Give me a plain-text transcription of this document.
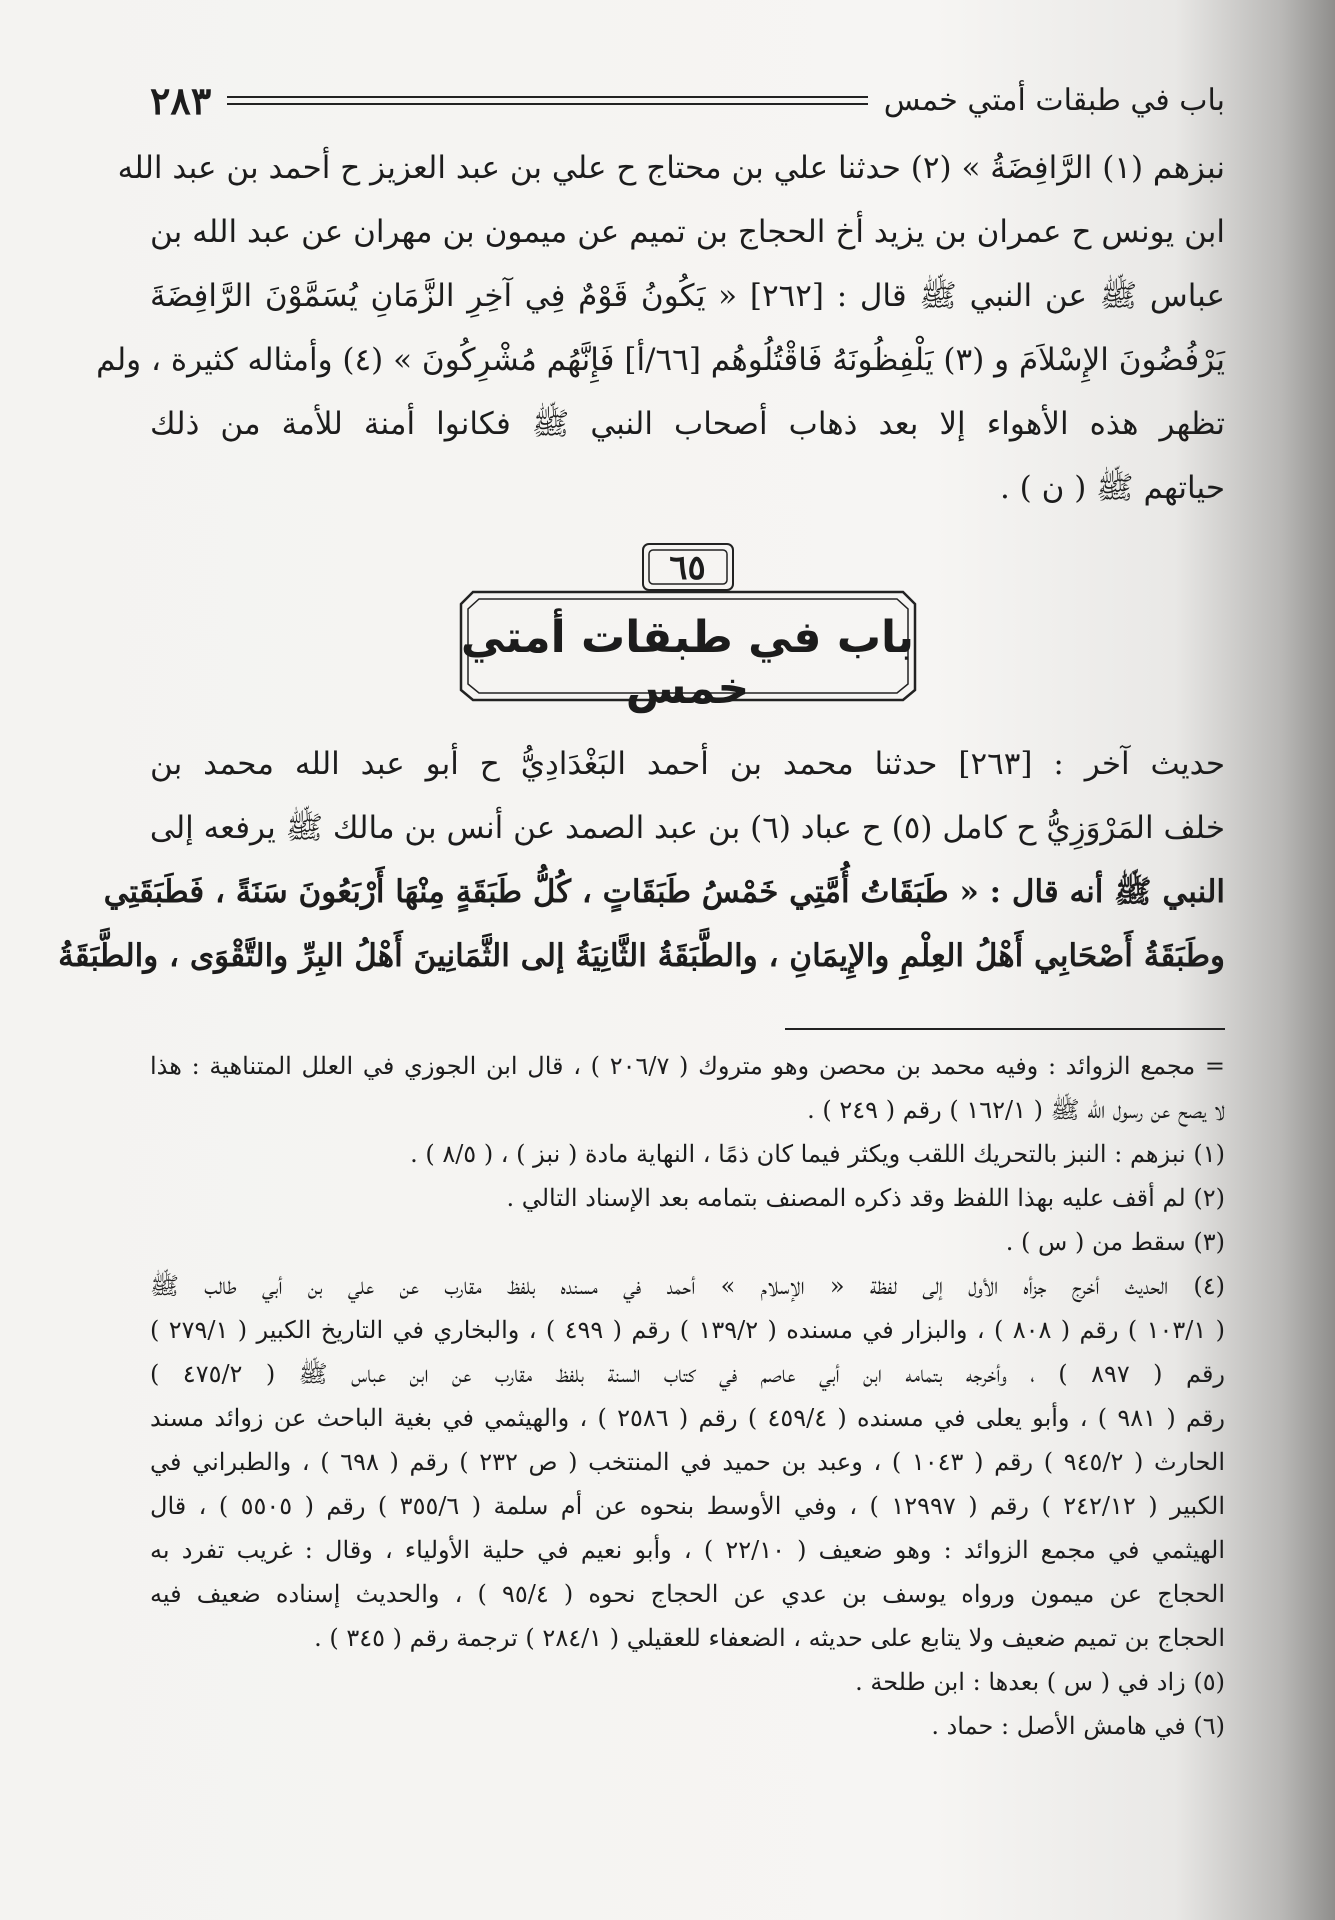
باب في طبقات أمتي خمس
٢٨٣
نبزهم (١) الرَّافِضَةُ » (٢) حدثنا علي بن محتاج ح علي بن عبد العزيز ح أحمد بن عبد الله
ابن يونس ح عمران بن يزيد أخ الحجاج بن تميم عن ميمون بن مهران عن عبد الله بن
عباس ﷺ عن النبي ﷺ قال : [٢٦٢] « يَكُونُ قَوْمٌ فِي آخِرِ الزَّمَانِ يُسَمَّوْنَ الرَّافِضَةَ
يَرْفُضُونَ الإِسْلاَمَ و (٣) يَلْفِظُونَهُ فَاقْتُلُوهُم [٦٦/أ] فَإِنَّهُم مُشْرِكُونَ » (٤) وأمثاله كثيرة ، ولم
تظهر هذه الأهواء إلا بعد ذهاب أصحاب النبي ﷺ فكانوا أمنة للأمة من ذلك
حياتهم ﷺ ( ن ) .
٦٥
باب في طبقات أمتي خمس
حديث آخر : [٢٦٣] حدثنا محمد بن أحمد البَغْدَادِيُّ ح أبو عبد الله محمد بن
خلف المَرْوَزِيُّ ح كامل (٥) ح عباد (٦) بن عبد الصمد عن أنس بن مالك ﷺ يرفعه إلى
النبي ﷺ أنه قال : « طَبَقَاتُ أُمَّتِي خَمْسُ طَبَقَاتٍ ، كُلُّ طَبَقَةٍ مِنْهَا أَرْبَعُونَ سَنَةً ، فَطَبَقَتِي
وطَبَقَةُ أَصْحَابِي أَهْلُ العِلْمِ والإِيمَانِ ، والطَّبَقَةُ الثَّانِيَةُ إلى الثَّمَانِينَ أَهْلُ البِرِّ والتَّقْوَى ، والطَّبَقَةُ
= مجمع الزوائد : وفيه محمد بن محصن وهو متروك ( ٢٠٦/٧ ) ، قال ابن الجوزي في العلل المتناهية : هذا
لا يصح عن رسول الله ﷺ ( ١٦٢/١ ) رقم ( ٢٤٩ ) .
(١) نبزهم : النبز بالتحريك اللقب ويكثر فيما كان ذمًا ، النهاية مادة ( نبز ) ، ( ٨/٥ ) .
(٢) لم أقف عليه بهذا اللفظ وقد ذكره المصنف بتمامه بعد الإسناد التالي .
(٣) سقط من ( س ) .
(٤) الحديث أخرج جزأه الأول إلى لفظة « الإسلام » أحمد في مسنده بلفظ مقارب عن علي بن أبي طالب ﷺ
( ١٠٣/١ ) رقم ( ٨٠٨ ) ، والبزار في مسنده ( ١٣٩/٢ ) رقم ( ٤٩٩ ) ، والبخاري في التاريخ الكبير ( ٢٧٩/١ )
رقم ( ٨٩٧ ) ، وأخرجه بتمامه ابن أبي عاصم في كتاب السنة بلفظ مقارب عن ابن عباس ﷺ ( ٤٧٥/٢ )
رقم ( ٩٨١ ) ، وأبو يعلى في مسنده ( ٤٥٩/٤ ) رقم ( ٢٥٨٦ ) ، والهيثمي في بغية الباحث عن زوائد مسند
الحارث ( ٩٤٥/٢ ) رقم ( ١٠٤٣ ) ، وعبد بن حميد في المنتخب ( ص ٢٣٢ ) رقم ( ٦٩٨ ) ، والطبراني في
الكبير ( ٢٤٢/١٢ ) رقم ( ١٢٩٩٧ ) ، وفي الأوسط بنحوه عن أم سلمة ( ٣٥٥/٦ ) رقم ( ٥٥٠٥ ) ، قال
الهيثمي في مجمع الزوائد : وهو ضعيف ( ٢٢/١٠ ) ، وأبو نعيم في حلية الأولياء ، وقال : غريب تفرد به
الحجاج عن ميمون ورواه يوسف بن عدي عن الحجاج نحوه ( ٩٥/٤ ) ، والحديث إسناده ضعيف فيه
الحجاج بن تميم ضعيف ولا يتابع على حديثه ، الضعفاء للعقيلي ( ٢٨٤/١ ) ترجمة رقم ( ٣٤٥ ) .
(٥) زاد في ( س ) بعدها : ابن طلحة .
(٦) في هامش الأصل : حماد .
